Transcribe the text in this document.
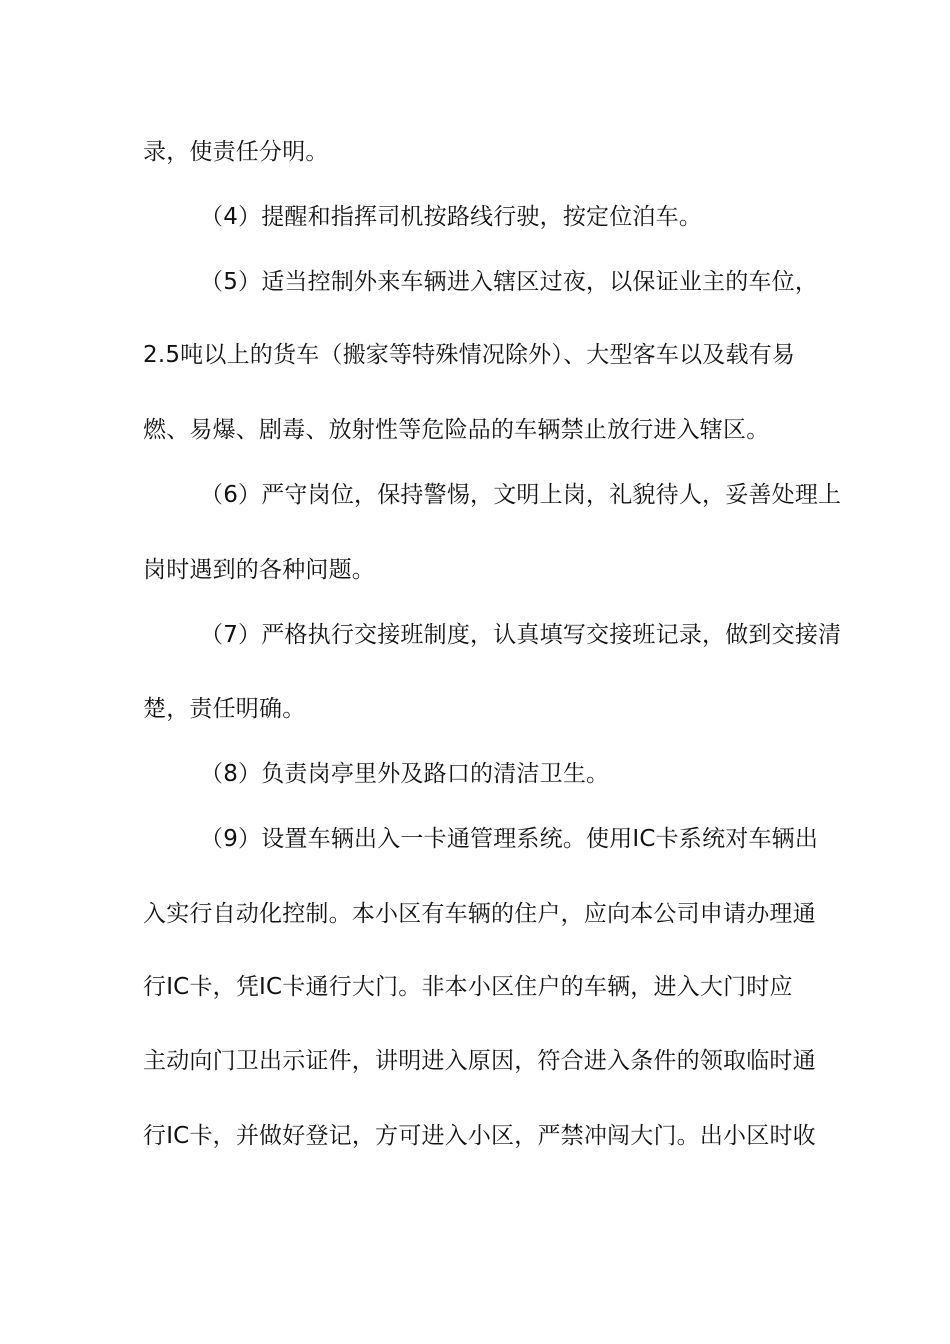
录，使责任分明。
（4）提醒和指挥司机按路线行驶，按定位泊车。
（5）适当控制外来车辆进入辖区过夜，以保证业主的车位，
2.5吨以上的货车（搬家等特殊情况除外）、大型客车以及载有易
燃、易爆、剧毒、放射性等危险品的车辆禁止放行进入辖区。
（6）严守岗位，保持警惕，文明上岗，礼貌待人，妥善处理上
岗时遇到的各种问题。
（7）严格执行交接班制度，认真填写交接班记录，做到交接清
楚，责任明确。
（8）负责岗亭里外及路口的清洁卫生。
（9）设置车辆出入一卡通管理系统。使用IC卡系统对车辆出
入实行自动化控制。本小区有车辆的住户，应向本公司申请办理通
行IC卡，凭IC卡通行大门。非本小区住户的车辆，进入大门时应
主动向门卫出示证件，讲明进入原因，符合进入条件的领取临时通
行IC卡，并做好登记，方可进入小区，严禁冲闯大门。出小区时收
